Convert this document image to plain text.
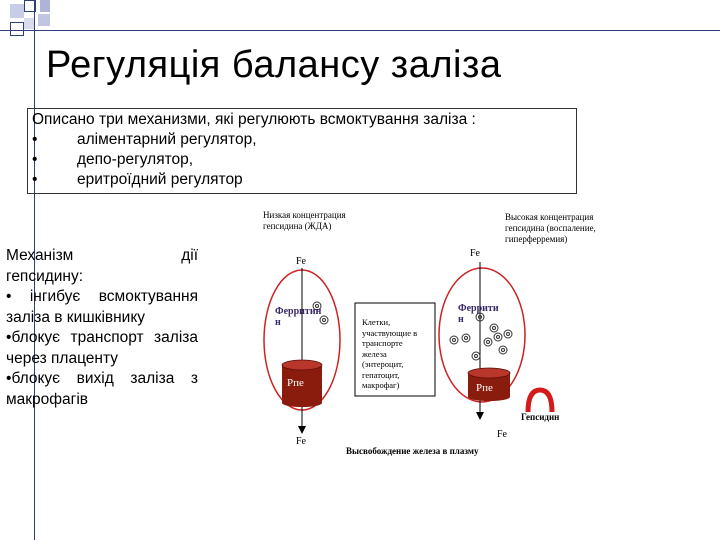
Регуляція балансу заліза
Описано три механизми, які регулюють всмоктування заліза :
•	аліментарний регулятор,
•	депо-регулятор,
•	еритроїдний регулятор
Механізм	дії
гепсидину:
• інгибує всмоктування заліза в кишківнику
•блокує транспорт заліза через плаценту
•блокує вихід заліза з макрофагів
Низкая концентрация
гепсидина (ЖДА)
Высокая концентрация
гепсидина (воспаление,
гиперферремия)
Fe
Fe
Fe
Fe
Ферритин
н
Феррити
н
Рпе	Рпе
Клетки,
участвующие в
транспорте
железа
(энтероцит,
гепатоцит,
макрофаг)
Высвобождение железа в плазму
Гепсидин
